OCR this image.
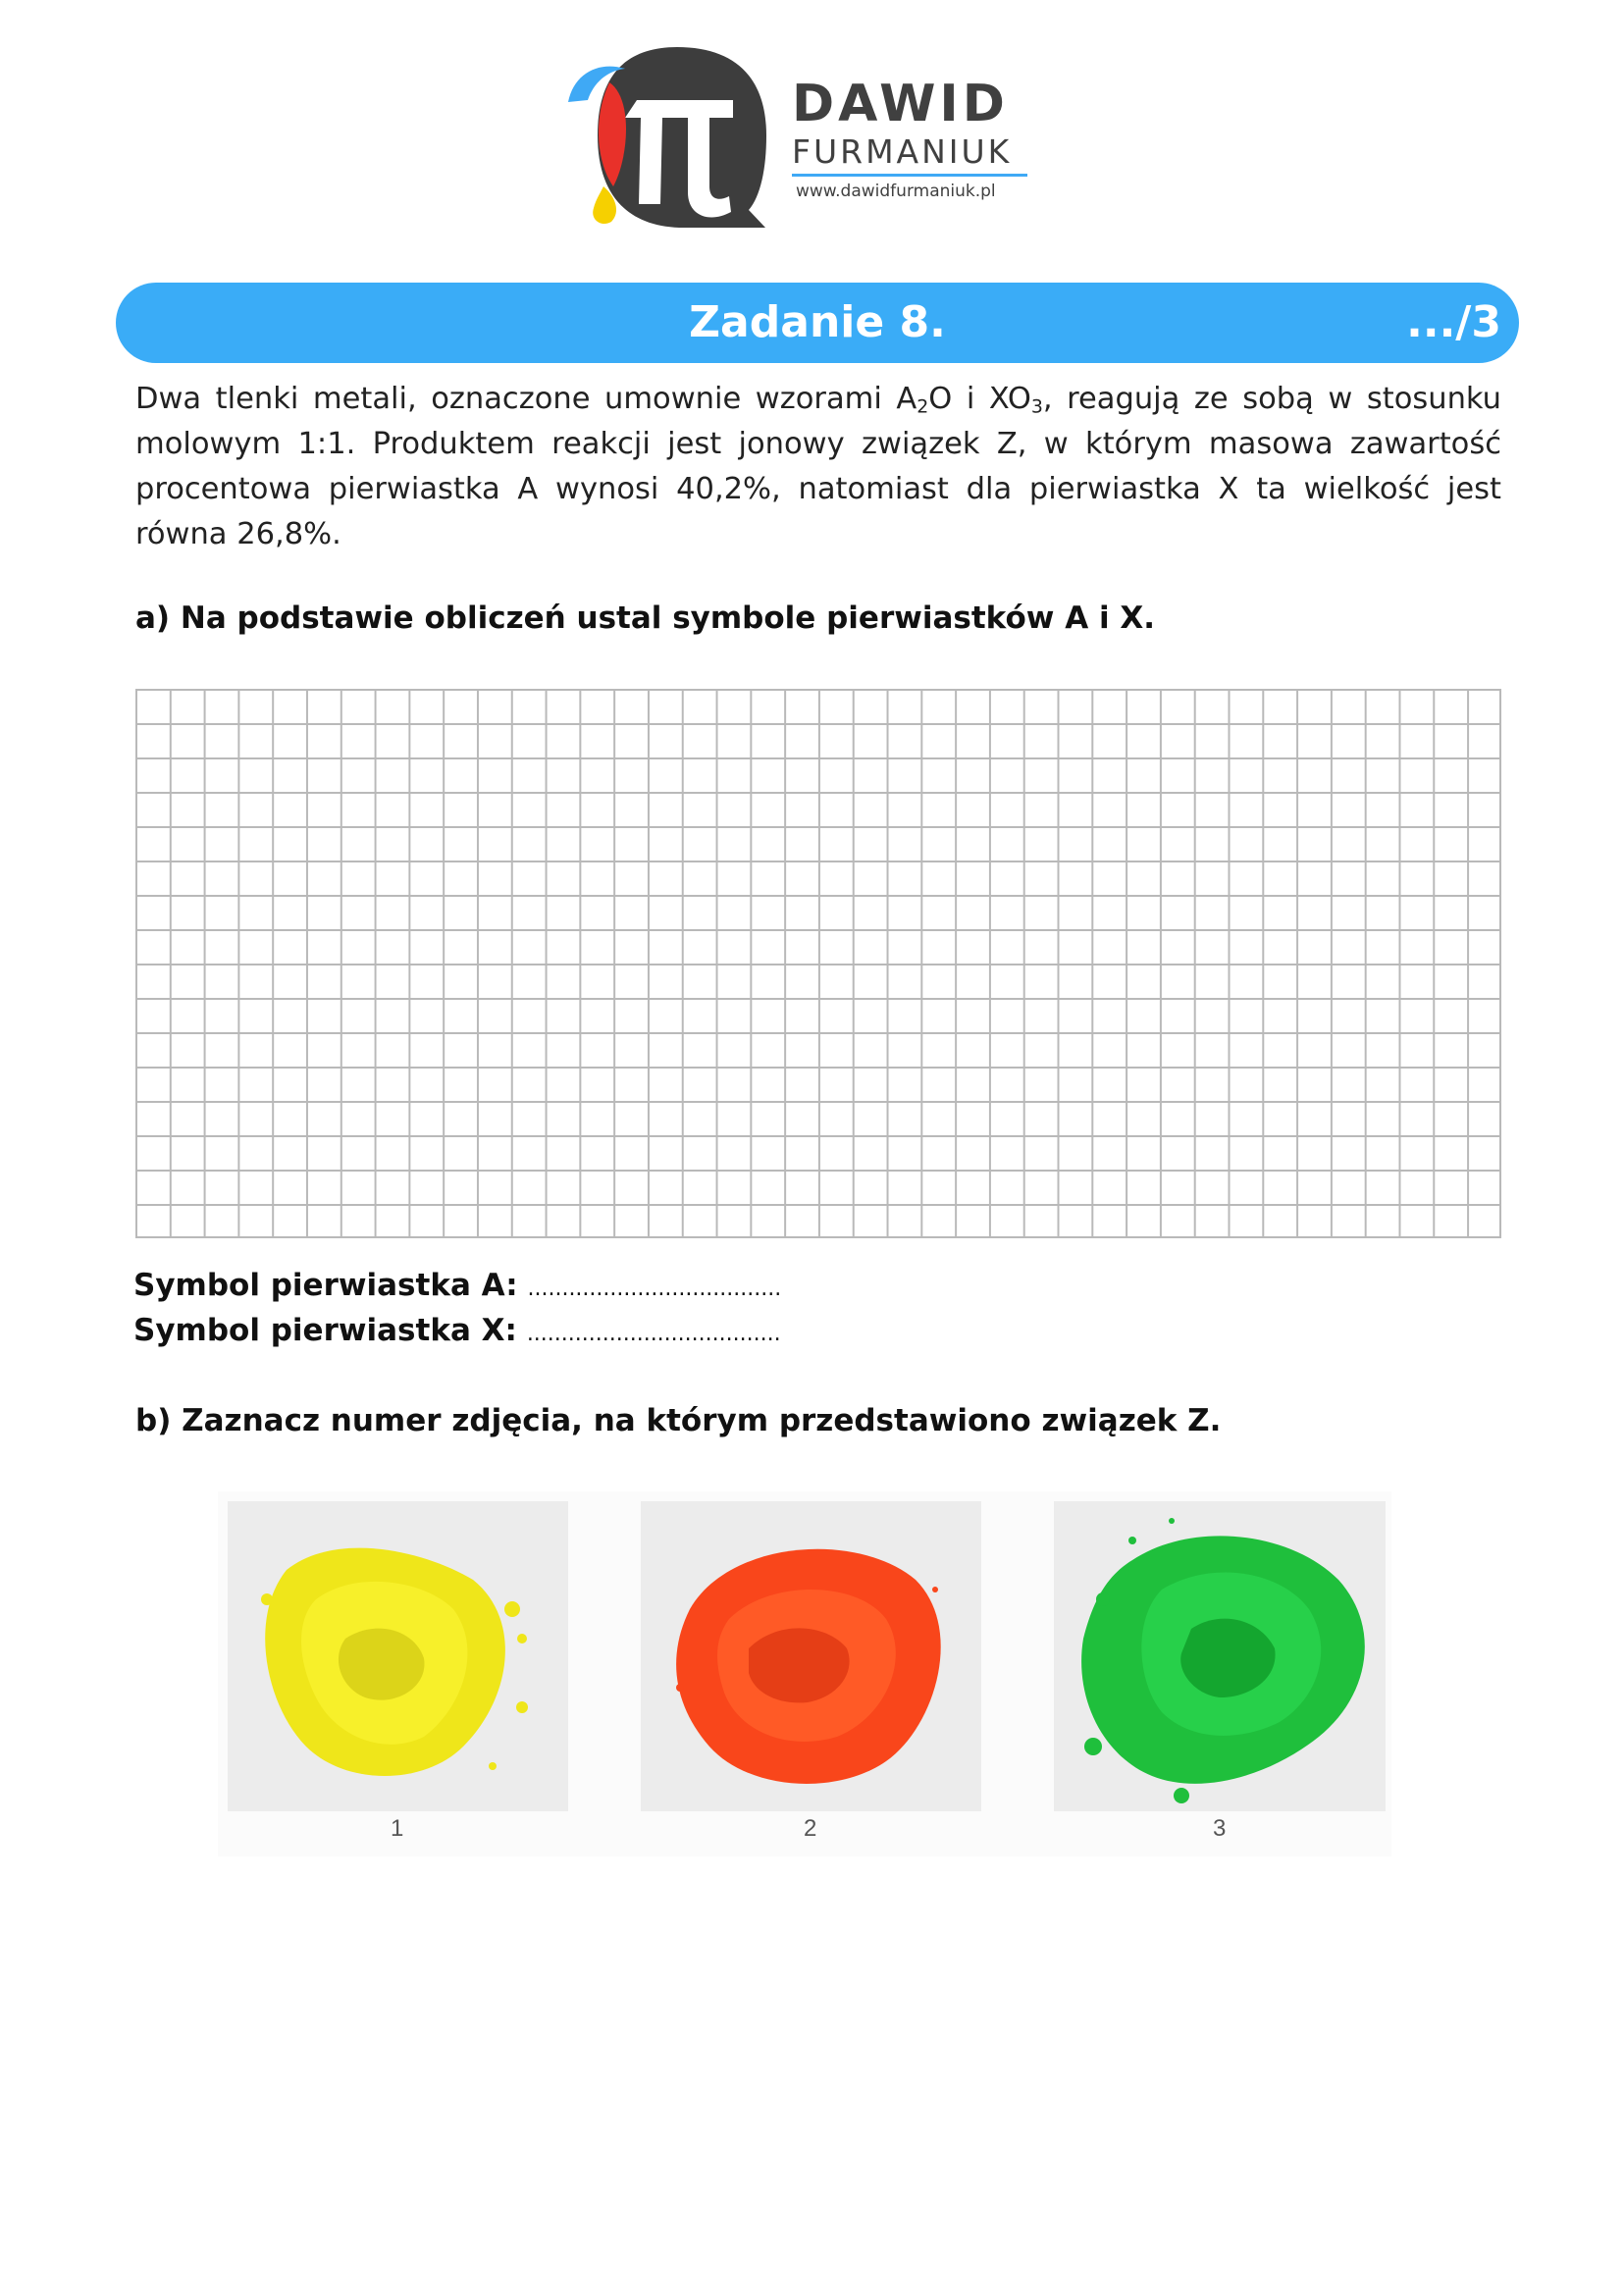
DAWID
FURMANIUK
www.dawidfurmaniuk.pl
Zadanie 8.	.../3
Dwa tlenki metali, oznaczone umownie wzorami $A_2O$ i $XO_3$, reagują ze sobą w stosunku
molowym 1:1. Produktem reakcji jest jonowy związek Z, w którym masowa zawartość
procentowa pierwiastka A wynosi 40,2%, natomiast dla pierwiastka X ta wielkość jest
równa 26,8%.

a) Na podstawie obliczeń ustal symbole pierwiastków A i X.

Symbol pierwiastka A: .....................................
Symbol pierwiastka X: .....................................

b) Zaznacz numer zdjęcia, na którym przedstawiono związek Z.

1	2	3
